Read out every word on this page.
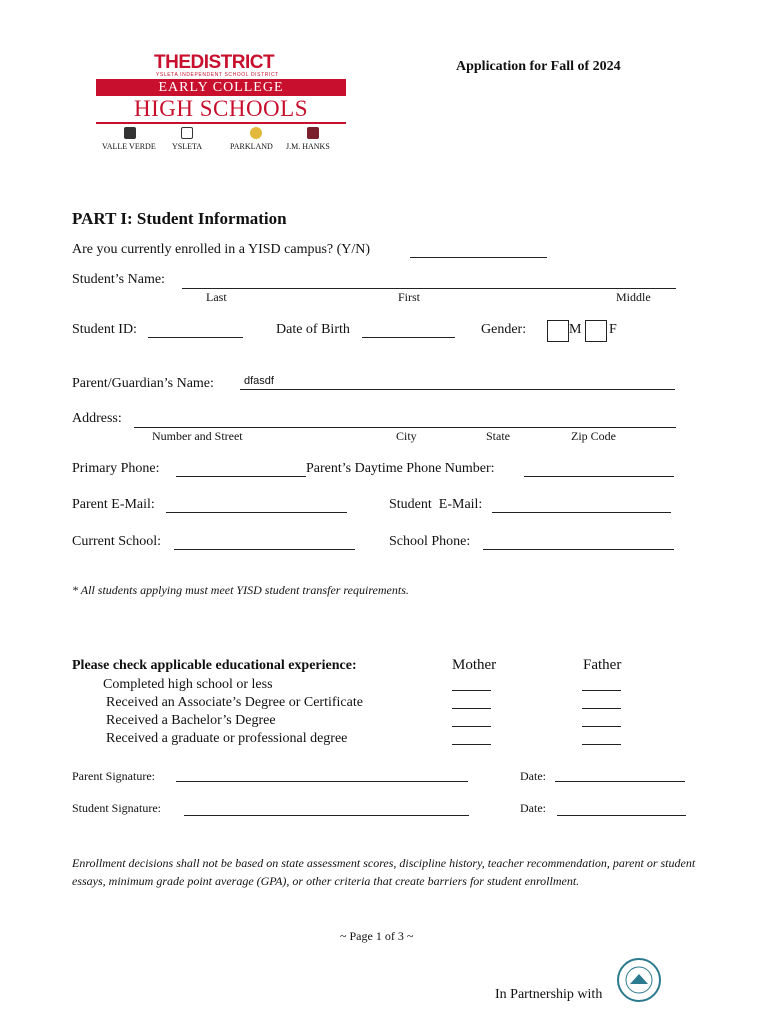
THEDISTRICT
YSLETA INDEPENDENT SCHOOL DISTRICT
EARLY COLLEGE
HIGH SCHOOLS
VALLE VERDE YSLETA	PARKLAND J.M. HANKS
Application for Fall of 2024
PART I: Student Information
Are you currently enrolled in a YISD campus? (Y/N)
Student’s Name:
Last	First	Middle
Student ID:	Date of Birth	Gender:	M F
Parent/Guardian’s Name:	dfasdf
Address:
Number and Street	City	State	Zip Code
Primary Phone:	Parent’s Daytime Phone Number:
Parent E-Mail:	Student  E-Mail:
Current School:	School Phone:
* All students applying must meet YISD student transfer requirements.
Please check applicable educational experience:	Mother	Father
Completed high school or less
Received an Associate’s Degree or Certificate
Received a Bachelor’s Degree
Received a graduate or professional degree
Parent Signature:	Date:
Student Signature:	Date:
Enrollment decisions shall not be based on state assessment scores, discipline history, teacher recommendation, parent or student essays, minimum grade point average (GPA), or other criteria that create barriers for student enrollment.
~ Page 1 of 3 ~
In Partnership with
